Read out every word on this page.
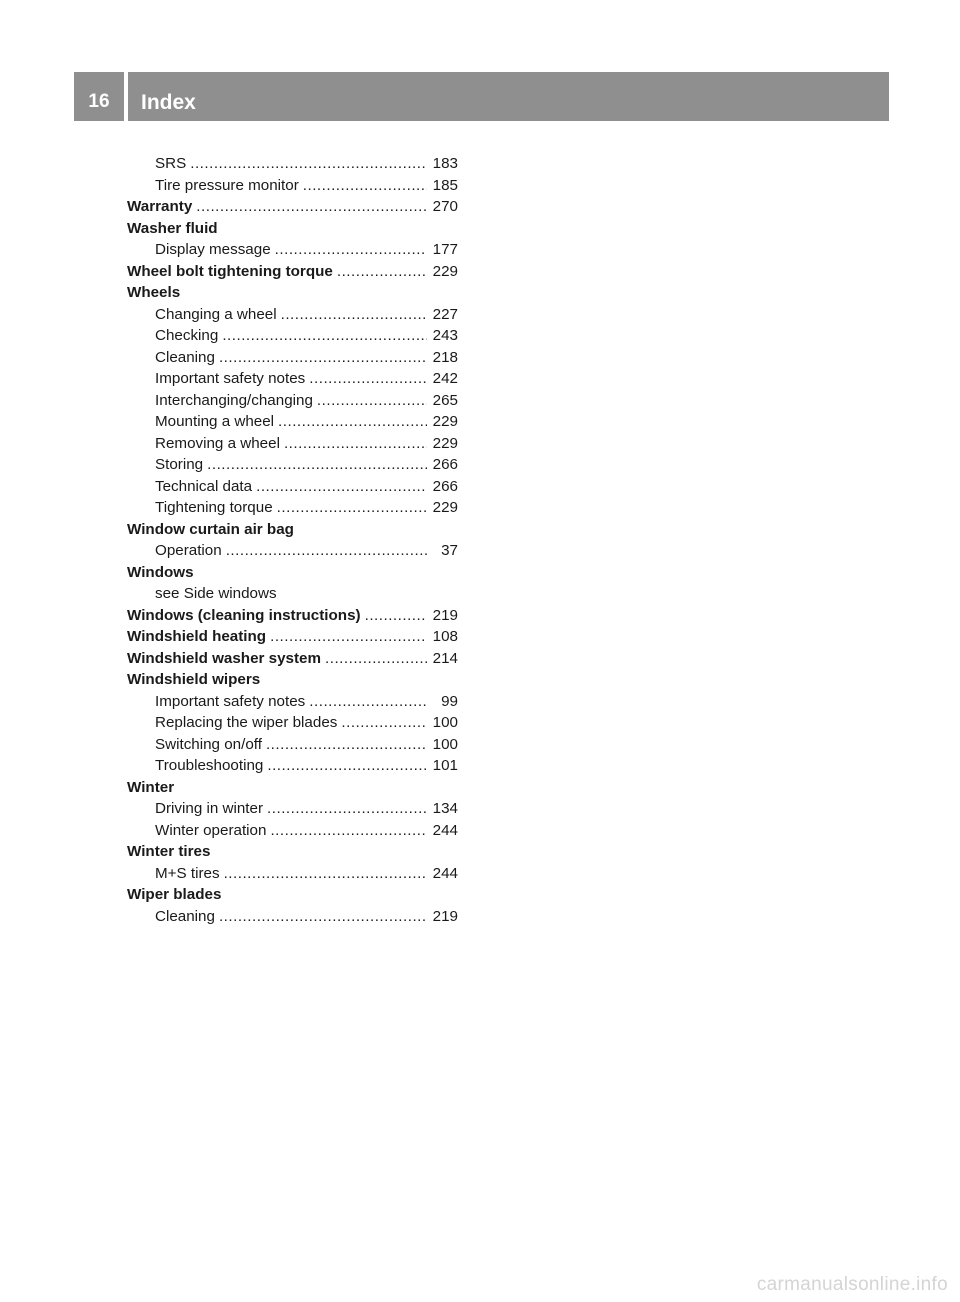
16	Index
SRS .....	183
Tire pressure monitor .....	185
Warranty .....	270
Washer fluid
Display message .....	177
Wheel bolt tightening torque .....	229
Wheels
Changing a wheel .....	227
Checking .....	243
Cleaning .....	218
Important safety notes .....	242
Interchanging/changing .....	265
Mounting a wheel .....	229
Removing a wheel .....	229
Storing .....	266
Technical data .....	266
Tightening torque .....	229
Window curtain air bag
Operation .....	37
Windows
see Side windows
Windows (cleaning instructions) .....	219
Windshield heating .....	108
Windshield washer system .....	214
Windshield wipers
Important safety notes .....	99
Replacing the wiper blades .....	100
Switching on/off .....	100
Troubleshooting .....	101
Winter
Driving in winter .....	134
Winter operation .....	244
Winter tires
M+S tires .....	244
Wiper blades
Cleaning .....	219
carmanualsonline.info
